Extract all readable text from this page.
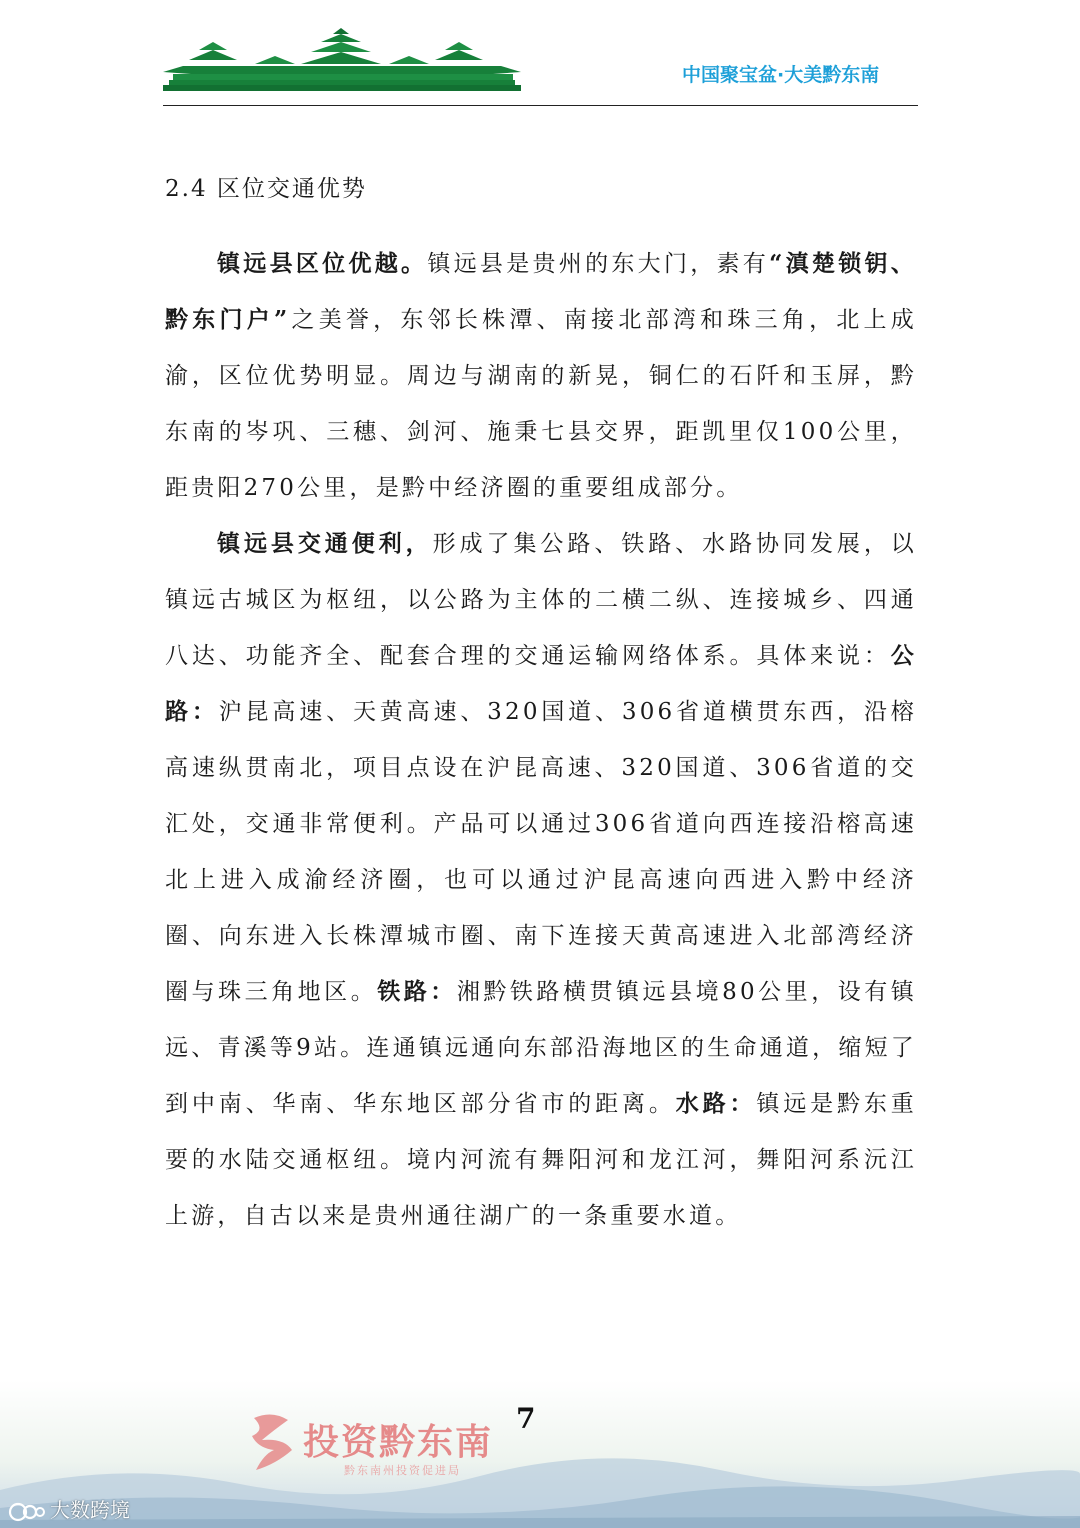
中国聚宝盆·大美黔东南
2.4 区位交通优势

镇远县区位优越。镇远县是贵州的东大门，素有“滇楚锁钥、黔东门户”之美誉，东邻长株潭、南接北部湾和珠三角，北上成渝，区位优势明显。周边与湖南的新晃，铜仁的石阡和玉屏，黔东南的岑巩、三穗、剑河、施秉七县交界，距凯里仅100公里，距贵阳270公里，是黔中经济圈的重要组成部分。

镇远县交通便利，形成了集公路、铁路、水路协同发展，以镇远古城区为枢纽，以公路为主体的二横二纵、连接城乡、四通八达、功能齐全、配套合理的交通运输网络体系。具体来说：公路：沪昆高速、天黄高速、320国道、306省道横贯东西，沿榕高速纵贯南北，项目点设在沪昆高速、320国道、306省道的交汇处，交通非常便利。产品可以通过306省道向西连接沿榕高速北上进入成渝经济圈，也可以通过沪昆高速向西进入黔中经济圈、向东进入长株潭城市圈、南下连接天黄高速进入北部湾经济圈与珠三角地区。铁路：湘黔铁路横贯镇远县境80公里，设有镇远、青溪等9站。连通镇远通向东部沿海地区的生命通道，缩短了到中南、华南、华东地区部分省市的距离。水路：镇远是黔东重要的水陆交通枢纽。境内河流有舞阳河和龙江河，舞阳河系沅江上游，自古以来是贵州通往湖广的一条重要水道。

投资黔东南
黔东南州投资促进局
7
大数跨境
